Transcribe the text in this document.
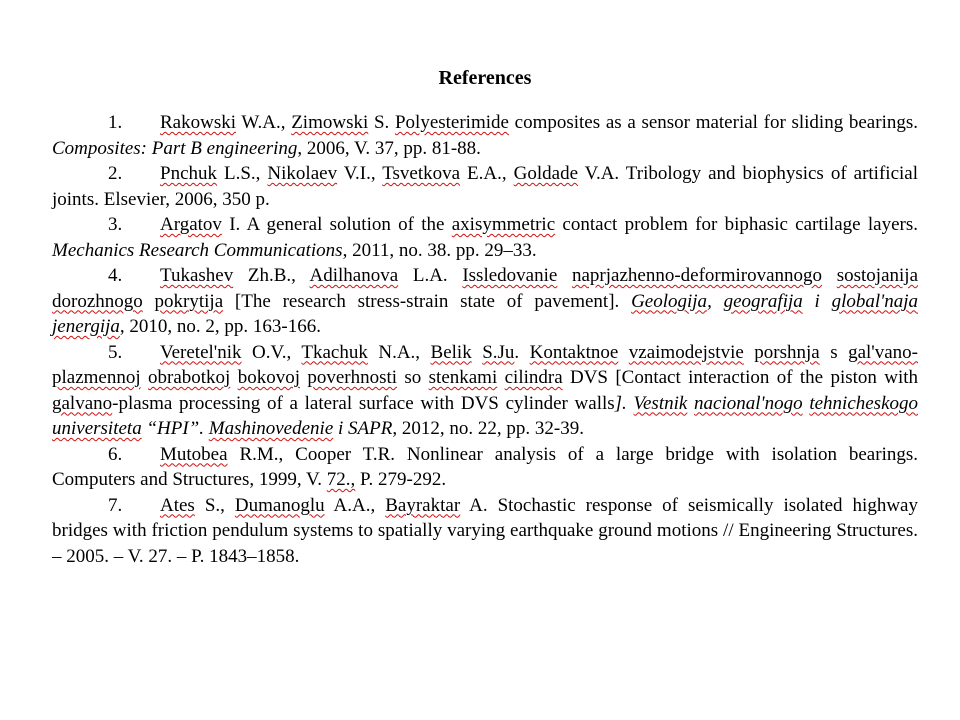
References

1. Rakowski W.A., Zimowski S. Polyesterimide composites as a sensor material for sliding bearings. Composites: Part B engineering, 2006, V. 37, pp. 81-88.

2. Pnchuk L.S., Nikolaev V.I., Tsvetkova E.A., Goldade V.A. Tribology and biophysics of artificial joints. Elsevier, 2006, 350 p.

3. Argatov I. A general solution of the axisymmetric contact problem for biphasic cartilage layers. Mechanics Research Communications, 2011, no. 38. pp. 29–33.

4. Tukashev Zh.B., Adilhanova L.A. Issledovanie naprjazhenno-deformirovannogo sostojanija dorozhnogo pokrytija [The research stress-strain state of pavement]. Geologija, geografija i global'naja jenergija, 2010, no. 2, pp. 163-166.

5. Veretel'nik O.V., Tkachuk N.A., Belik S.Ju. Kontaktnoe vzaimodejstvie porshnja s gal'vano-plazmennoj obrabotkoj bokovoj poverhnosti so stenkami cilindra DVS [Contact interaction of the piston with galvano-plasma processing of a lateral surface with DVS cylinder walls]. Vestnik nacional'nogo tehnicheskogo universiteta “HPI”. Mashinovedenie i SAPR, 2012, no. 22, pp. 32-39.

6. Mutobea R.M., Cooper T.R. Nonlinear analysis of a large bridge with isolation bearings. Computers and Structures, 1999, V. 72., P. 279-292.

7. Ates S., Dumanoglu A.A., Bayraktar A. Stochastic response of seismically isolated highway bridges with friction pendulum systems to spatially varying earthquake ground motions // Engineering Structures. – 2005. – V. 27. – P. 1843–1858.
